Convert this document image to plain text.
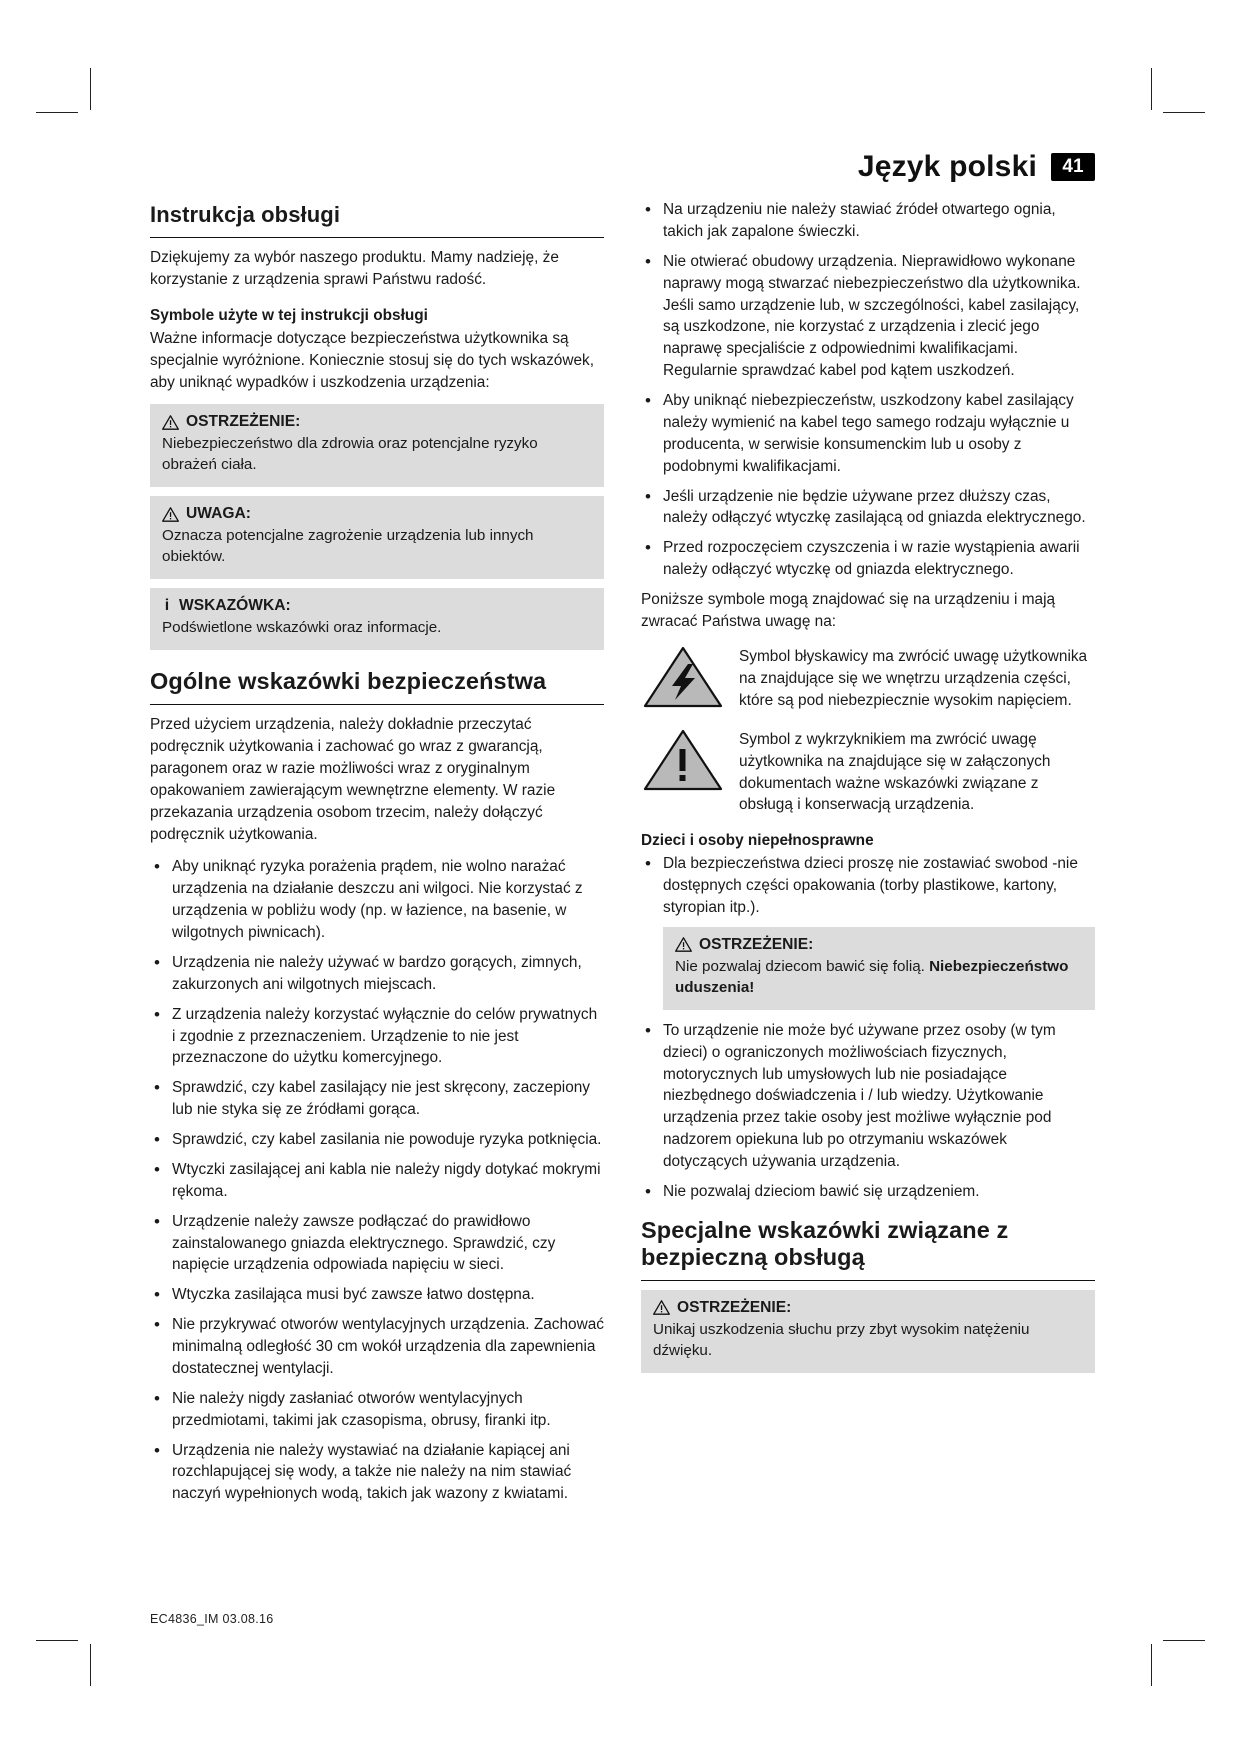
Język polski	41
Instrukcja obsługi

Dziękujemy za wybór naszego produktu. Mamy nadzieję, że korzystanie z urządzenia sprawi Państwu radość.

Symbole użyte w tej instrukcji obsługi

Ważne informacje dotyczące bezpieczeństwa użytkownika są specjalnie wyróżnione. Koniecznie stosuj się do tych wskazówek, aby uniknąć wypadków i uszkodzenia urządzenia:

OSTRZEŻENIE:
Niebezpieczeństwo dla zdrowia oraz potencjalne ryzyko obrażeń ciała.
UWAGA:
Oznacza potencjalne zagrożenie urządzenia lub innych obiektów.
i WSKAZÓWKA:
Podświetlone wskazówki oraz informacje.
Ogólne wskazówki bezpieczeństwa

Przed użyciem urządzenia, należy dokładnie przeczytać podręcznik użytkowania i zachować go wraz z gwarancją, paragonem oraz w razie możliwości wraz z oryginalnym opakowaniem zawierającym wewnętrzne elementy. W razie przekazania urządzenia osobom trzecim, należy dołączyć podręcznik użytkowania.

• Aby uniknąć ryzyka porażenia prądem, nie wolno narażać urządzenia na działanie deszczu ani wilgoci. Nie korzystać z urządzenia w pobliżu wody (np. w łazience, na basenie, w wilgotnych piwnicach).
• Urządzenia nie należy używać w bardzo gorących, zimnych, zakurzonych ani wilgotnych miejscach.
• Z urządzenia należy korzystać wyłącznie do celów prywatnych i zgodnie z przeznaczeniem. Urządzenie to nie jest przeznaczone do użytku komercyjnego.
• Sprawdzić, czy kabel zasilający nie jest skręcony, zaczepiony lub nie styka się ze źródłami gorąca.
• Sprawdzić, czy kabel zasilania nie powoduje ryzyka potknięcia.
• Wtyczki zasilającej ani kabla nie należy nigdy dotykać mokrymi rękoma.
• Urządzenie należy zawsze podłączać do prawidłowo zainstalowanego gniazda elektrycznego. Sprawdzić, czy napięcie urządzenia odpowiada napięciu w sieci.
• Wtyczka zasilająca musi być zawsze łatwo dostępna.
• Nie przykrywać otworów wentylacyjnych urządzenia. Zachować minimalną odległość 30 cm wokół urządzenia dla zapewnienia dostatecznej wentylacji.
• Nie należy nigdy zasłaniać otworów wentylacyjnych przedmiotami, takimi jak czasopisma, obrusy, firanki itp.
• Urządzenia nie należy wystawiać na działanie kapiącej ani rozchlapującej się wody, a także nie należy na nim stawiać naczyń wypełnionych wodą, takich jak wazony z kwiatami.
• Na urządzeniu nie należy stawiać źródeł otwartego ognia, takich jak zapalone świeczki.
• Nie otwierać obudowy urządzenia. Nieprawidłowo wykonane naprawy mogą stwarzać niebezpieczeństwo dla użytkownika. Jeśli samo urządzenie lub, w szczególności, kabel zasilający, są uszkodzone, nie korzystać z urządzenia i zlecić jego naprawę specjaliście z odpowiednimi kwalifikacjami. Regularnie sprawdzać kabel pod kątem uszkodzeń.
• Aby uniknąć niebezpieczeństw, uszkodzony kabel zasilający należy wymienić na kabel tego samego rodzaju wyłącznie u producenta, w serwisie konsumenckim lub u osoby z podobnymi kwalifikacjami.
• Jeśli urządzenie nie będzie używane przez dłuższy czas, należy odłączyć wtyczkę zasilającą od gniazda elektrycznego.
• Przed rozpoczęciem czyszczenia i w razie wystąpienia awarii należy odłączyć wtyczkę od gniazda elektrycznego.

Poniższe symbole mogą znajdować się na urządzeniu i mają zwracać Państwa uwagę na:

Symbol błyskawicy ma zwrócić uwagę użytkownika na znajdujące się we wnętrzu urządzenia części, które są pod niebezpiecznie wysokim napięciem.
Symbol z wykrzyknikiem ma zwrócić uwagę użytkownika na znajdujące się w załączonych dokumentach ważne wskazówki związane z obsługą i konserwacją urządzenia.
Dzieci i osoby niepełnosprawne
• Dla bezpieczeństwa dzieci proszę nie zostawiać swobod -nie dostępnych części opakowania (torby plastikowe, kartony, styropian itp.).
OSTRZEŻENIE:
Nie pozwalaj dziecom bawić się folią. Niebezpieczeństwo uduszenia!
• To urządzenie nie może być używane przez osoby (w tym dzieci) o ograniczonych możliwościach fizycznych, motorycznych lub umysłowych lub nie posiadające niezbędnego doświadczenia i / lub wiedzy. Użytkowanie urządzenia przez takie osoby jest możliwe wyłącznie pod nadzorem opiekuna lub po otrzymaniu wskazówek dotyczących używania urządzenia.
• Nie pozwalaj dzieciom bawić się urządzeniem.
Specjalne wskazówki związane z bezpieczną obsługą
OSTRZEŻENIE:
Unikaj uszkodzenia słuchu przy zbyt wysokim natężeniu dźwięku.
EC4836_IM 03.08.16
